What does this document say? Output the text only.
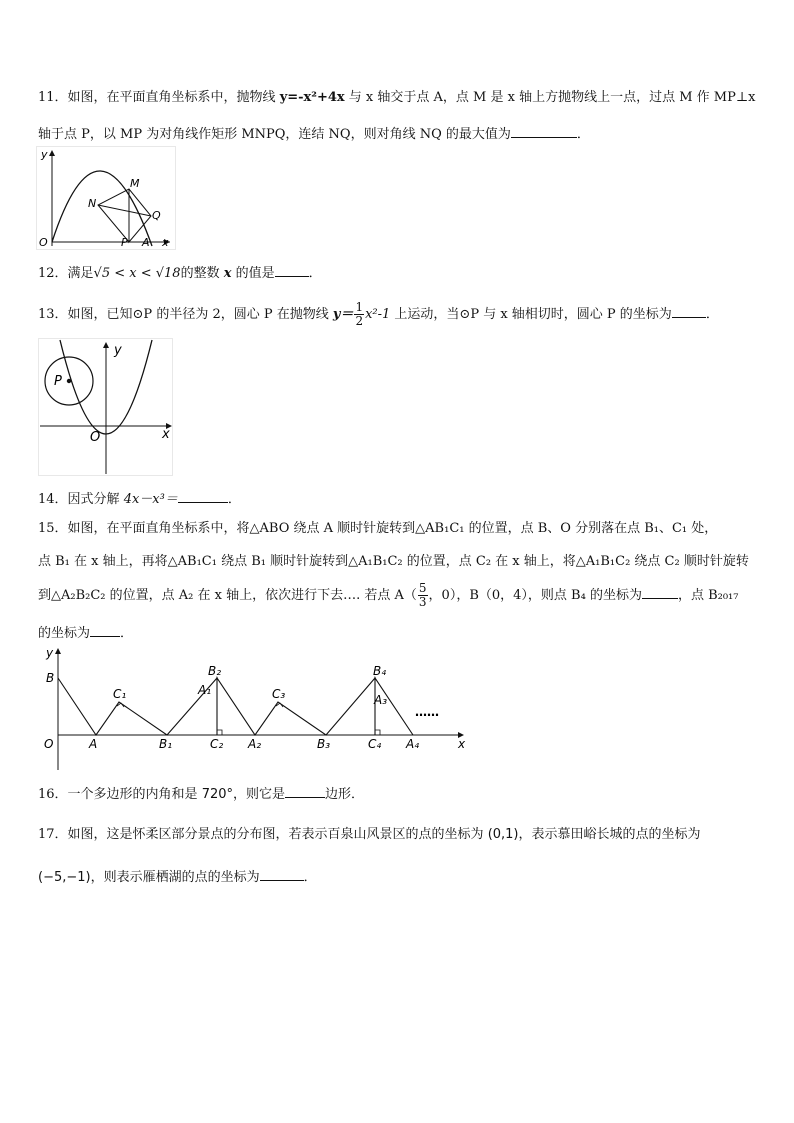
11．如图，在平面直角坐标系中，抛物线 y=-x²+4x 与 x 轴交于点 A，点 M 是 x 轴上方抛物线上一点，过点 M 作 MP⊥x
轴于点 P，以 MP 为对角线作矩形 MNPQ，连结 NQ，则对角线 NQ 的最大值为	．
y
M
N
Q
O	P A x
12．满足√5 < x < √18的整数 x 的值是	．
13．如图，已知⊙P 的半径为 2，圆心 P 在抛物线 $y= \frac{1}{2} x^2-1$ 上运动，当⊙P 与 x 轴相切时，圆心 P 的坐标为	．
y
P
O	x
14．因式分解 4x－x³＝	．
15．如图，在平面直角坐标系中，将△ABO 绕点 A 顺时针旋转到△AB₁C₁ 的位置，点 B、O 分别落在点 B₁、C₁ 处，
点 B₁ 在 x 轴上，再将△AB₁C₁ 绕点 B₁ 顺时针旋转到△A₁B₁C₂ 的位置，点 C₂ 在 x 轴上，将△A₁B₁C₂ 绕点 C₂ 顺时针旋转
到△A₂B₂C₂ 的位置，点 A₂ 在 x 轴上，依次进行下去…. 若点 $A( \frac{5}{3}$ ，0），B（0，4），则点 B₄ 的坐标为	，点 B₂₀₁₇
的坐标为 ．
y
x
O
B
A
C₁
B₁
B₂
A₁
C₂ A₂
C₃
B₃
B₄
A₃
C₄ A₄
……
16．一个多边形的内角和是 720°，则它是	边形．
17．如图，这是怀柔区部分景点的分布图，若表示百泉山风景区的点的坐标为 (0,1)，表示慕田峪长城的点的坐标为
(−5,−1)，则表示雁栖湖的点的坐标为	．
